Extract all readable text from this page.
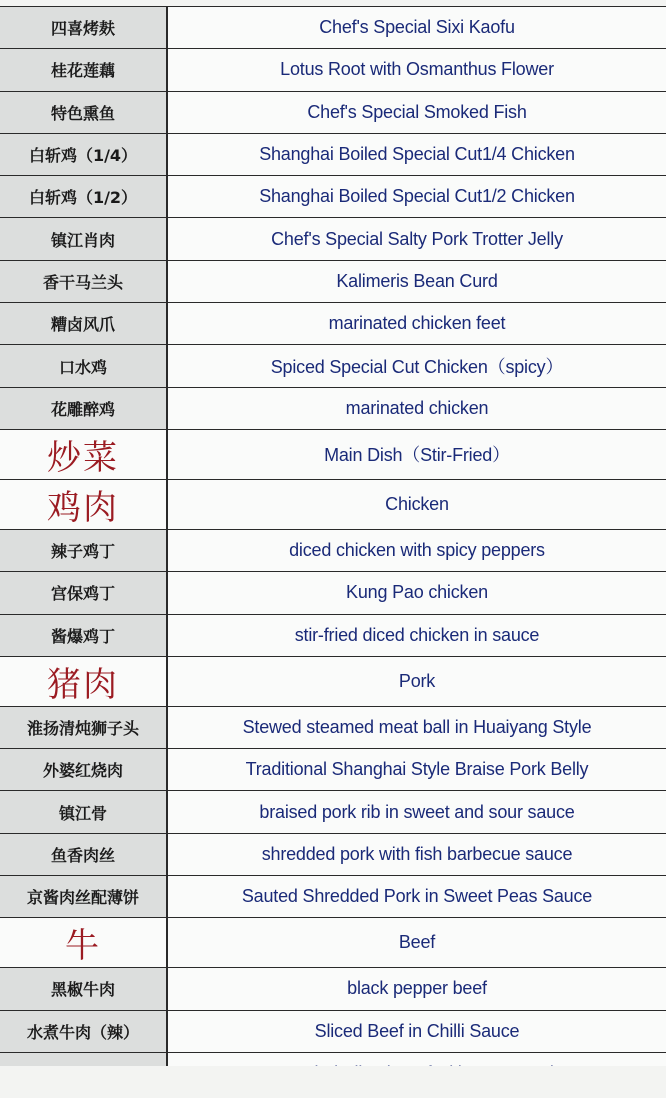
四喜烤麸	Chef's Special Sixi Kaofu
桂花莲藕	Lotus Root with Osmanthus Flower
特色熏鱼	Chef's Special Smoked Fish
白斩鸡（1/4）	Shanghai Boiled Special Cut1/4 Chicken
白斩鸡（1/2）	Shanghai Boiled Special Cut1/2 Chicken
镇江肖肉	Chef's Special Salty Pork Trotter Jelly
香干马兰头	Kalimeris Bean Curd
糟卤风爪	marinated chicken feet
口水鸡	Spiced Special Cut Chicken（spicy）
花雕醉鸡	marinated chicken
炒菜	Main Dish（Stir-Fried）
鸡肉	Chicken
辣子鸡丁	diced chicken with spicy peppers
宫保鸡丁	Kung Pao chicken
酱爆鸡丁	stir-fried diced chicken in sauce
猪肉	Pork
淮扬清炖狮子头	Stewed steamed meat ball in Huaiyang Style
外婆红烧肉	Traditional Shanghai Style Braise Pork Belly
镇江骨	braised pork rib in sweet and sour sauce
鱼香肉丝	shredded pork with fish barbecue sauce
京酱肉丝配薄饼	Sauted Shredded Pork in Sweet Peas Sauce
牛	Beef
黑椒牛肉	black pepper beef
水煮牛肉（辣）	Sliced Beef in Chilli Sauce
